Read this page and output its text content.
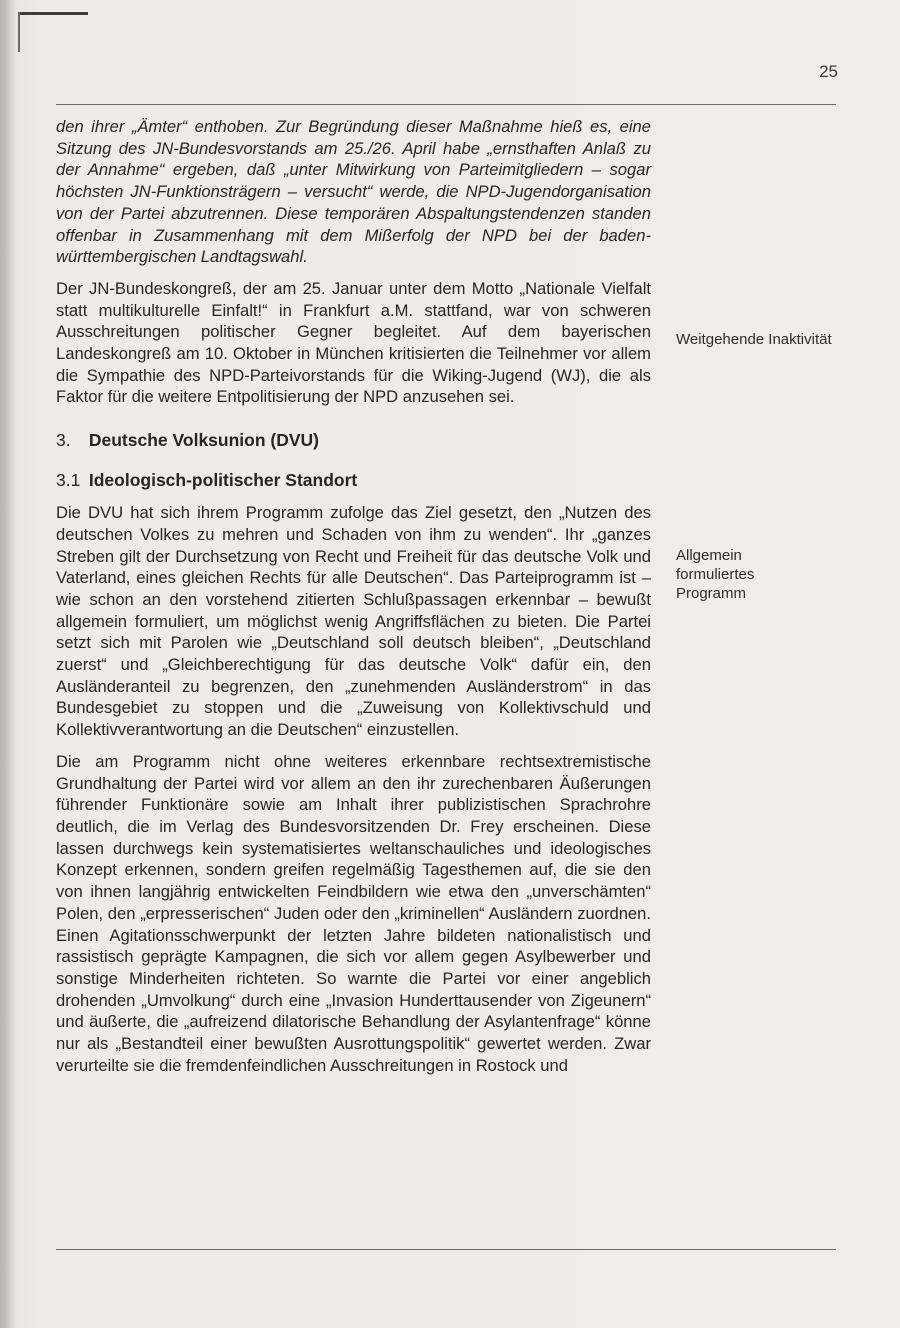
25

den ihrer „Ämter“ enthoben. Zur Begründung dieser Maßnahme hieß es, eine Sitzung des JN-Bundesvorstands am 25./26. April habe „ernsthaften Anlaß zu der Annahme“ ergeben, daß „unter Mitwirkung von Parteimitgliedern – sogar höchsten JN-Funktionsträgern – versucht“ werde, die NPD-Jugendorganisation von der Partei abzutrennen. Diese temporären Abspaltungstendenzen standen offenbar in Zusammenhang mit dem Mißerfolg der NPD bei der baden-württembergischen Landtagswahl.

Der JN-Bundeskongreß, der am 25. Januar unter dem Motto „Nationale Vielfalt statt multikulturelle Einfalt!“ in Frankfurt a.M. stattfand, war von schweren Ausschreitungen politischer Gegner begleitet. Auf dem bayerischen Landeskongreß am 10. Oktober in München kritisierten die Teilnehmer vor allem die Sympathie des NPD-Parteivorstands für die Wiking-Jugend (WJ), die als Faktor für die weitere Entpolitisierung der NPD anzusehen sei.

3. Deutsche Volksunion (DVU)
3.1 Ideologisch-politischer Standort

Die DVU hat sich ihrem Programm zufolge das Ziel gesetzt, den „Nutzen des deutschen Volkes zu mehren und Schaden von ihm zu wenden“. Ihr „ganzes Streben gilt der Durchsetzung von Recht und Freiheit für das deutsche Volk und Vaterland, eines gleichen Rechts für alle Deutschen“. Das Parteiprogramm ist – wie schon an den vorstehend zitierten Schlußpassagen erkennbar – bewußt allgemein formuliert, um möglichst wenig Angriffsflächen zu bieten. Die Partei setzt sich mit Parolen wie „Deutschland soll deutsch bleiben“, „Deutschland zuerst“ und „Gleichberechtigung für das deutsche Volk“ dafür ein, den Ausländeranteil zu begrenzen, den „zunehmenden Ausländerstrom“ in das Bundesgebiet zu stoppen und die „Zuweisung von Kollektivschuld und Kollektivverantwortung an die Deutschen“ einzustellen.

Die am Programm nicht ohne weiteres erkennbare rechtsextremistische Grundhaltung der Partei wird vor allem an den ihr zurechenbaren Äußerungen führender Funktionäre sowie am Inhalt ihrer publizistischen Sprachrohre deutlich, die im Verlag des Bundesvorsitzenden Dr. Frey erscheinen. Diese lassen durchwegs kein systematisiertes weltanschauliches und ideologisches Konzept erkennen, sondern greifen regelmäßig Tagesthemen auf, die sie den von ihnen langjährig entwickelten Feindbildern wie etwa den „unverschämten“ Polen, den „erpresserischen“ Juden oder den „kriminellen“ Ausländern zuordnen. Einen Agitationsschwerpunkt der letzten Jahre bildeten nationalistisch und rassistisch geprägte Kampagnen, die sich vor allem gegen Asylbewerber und sonstige Minderheiten richteten. So warnte die Partei vor einer angeblich drohenden „Umvolkung“ durch eine „Invasion Hunderttausender von Zigeunern“ und äußerte, die „aufreizend dilatorische Behandlung der Asylantenfrage“ könne nur als „Bestandteil einer bewußten Ausrottungspolitik“ gewertet werden. Zwar verurteilte sie die fremdenfeindlichen Ausschreitungen in Rostock und

Weitgehende Inaktivität
Allgemein formuliertes Programm
